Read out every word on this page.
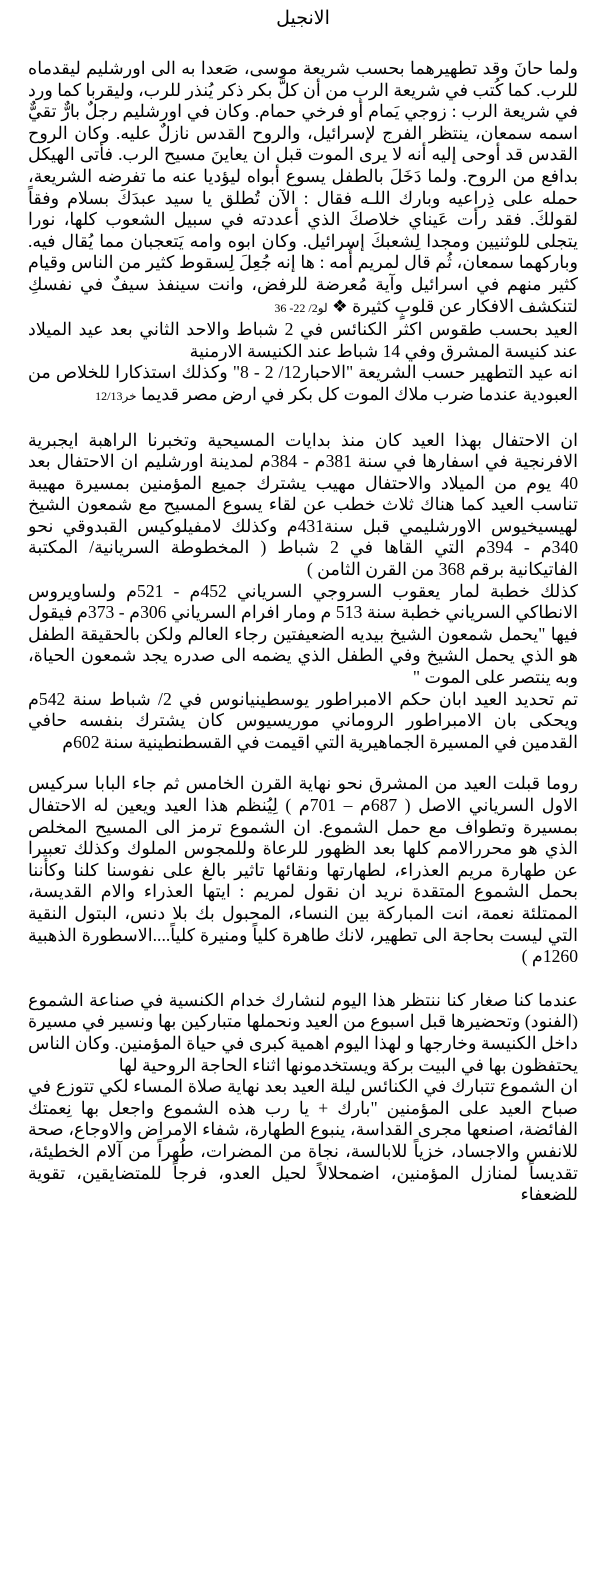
الانجيل

ولما حانَ وقد تطهيرهما بحسب شريعة موسى، صَعدا به الى اورشليم ليقدماه للرب. كما كُتب في شريعة الرب من أن كلَّ بكر ذكر يُنذر للرب، وليقربا كما ورد في شريعة الرب : زوجي يَمام أو فرخي حمام. وكان في اورشليم رجلٌ بارٌّ تقيٌّ اسمه سمعان، ينتظر الفرج لإسرائيل، والروح القدس نازلٌ عليه. وكان الروح القدس قد أوحى إليه أنه لا يرى الموت قبل ان يعاينَ مسيح الرب. فأتى الهيكل بدافع من الروح. ولما دَخَلَ بالطفل يسوع أبواه ليؤديا عنه ما تفرضه الشريعة، حمله على ذِراعيه وبارك اللـه فقال : الآن تُطلق يا سيد عبدَكَ بسلام وفقاً لقولكَ. فقد رأت عَيناي خلاصكَ الذي أعددته في سبيل الشعوب كلها، نورا يتجلى للوثنيين ومجدا لِشعبكَ إسرائيل. وكان ابوه وامه يَتعجبان مما يُقال فيه. وباركهما سمعان، ثُم قال لمريم أُمه : ها إنه جُعِلَ لِسقوط كثير من الناس وقيام كثير منهم في اسرائيل وآية مُعرضة للرفض، وانت سينفذ سيفٌ في نفسكِ لتنكشف الافكار عن قلوبٍ كثيرة ❖ لو2/ 22- 36

العيد بحسب طقوس اكثر الكنائس في 2 شباط والاحد الثاني بعد عيد الميلاد عند كنيسة المشرق وفي 14 شباط عند الكنيسة الارمنية

انه عيد التطهير حسب الشريعة "الاحبار12/ 2 - 8" وكذلك استذكارا للخلاص من العبودية عندما ضرب ملاك الموت كل بكر في ارض مصر قديما خر12/13

ان الاحتفال بهذا العيد كان منذ بدايات المسيحية وتخبرنا الراهبة ايجبرية الافرنجية في اسفارها في سنة 381م - 384م لمدينة اورشليم ان الاحتفال بعد 40 يوم من الميلاد والاحتفال مهيب يشترك جميع المؤمنين بمسيرة مهيبة تناسب العيد كما هناك ثلاث خطب عن لقاء يسوع المسيح مع شمعون الشيخ لهيسيخيوس الاورشليمي قبل سنة431م وكذلك لامفيلوكيس القبدوقي نحو 340م - 394م التي القاها في 2 شباط ( المخطوطة السريانية/ المكتبة الفاتيكانية برقم 368 من القرن الثامن )

كذلك خطبة لمار يعقوب السروجي السرياني 452م - 521م ولساويروس الانطاكي السرياني خطبة سنة 513 م ومار افرام السرياني 306م - 373م فيقول فيها "يحمل شمعون الشيخ بيديه الضعيفتين رجاء العالم ولكن بالحقيقة الطفل هو الذي يحمل الشيخ وفي الطفل الذي يضمه الى صدره يجد شمعون الحياة، وبه ينتصر على الموت "

تم تحديد العيد ابان حكم الامبراطور يوسطينيانوس في 2/ شباط سنة 542م ويحكى بان الامبراطور الروماني موريسيوس كان يشترك بنفسه حافي القدمين في المسيرة الجماهيرية التي اقيمت في القسطنطينية سنة 602م

روما قبلت العيد من المشرق نحو نهاية القرن الخامس ثم جاء البابا سركيس الاول السرياني الاصل ( 687م – 701م ) لِيُنظم هذا العيد ويعين له الاحتفال بمسيرة وتطواف مع حمل الشموع. ان الشموع ترمز الى المسيح المخلص الذي هو محررالامم كلها بعد الظهور للرعاة وللمجوس الملوك وكذلك تعبيرا عن طهارة مريم العذراء، لطهارتها ونقائها تاثير بالغ على نفوسنا كلنا وكأننا بحمل الشموع المتقدة نريد ان نقول لمريم : ايتها العذراء والام القديسة، الممتلئة نعمة، انت المباركة بين النساء، المحبول بك بلا دنس، البتول النقية التي ليست بحاجة الى تطهير، لانك طاهرة كلياً ومنيرة كلياً....الاسطورة الذهبية 1260م )

عندما كنا صغار كنا ننتظر هذا اليوم لنشارك خدام الكنسية في صناعة الشموع (الفنود) وتحضيرها قبل اسبوع من العيد ونحملها متباركين بها ونسير في مسيرة داخل الكنيسة وخارجها و لهذا اليوم اهمية كبرى في حياة المؤمنين. وكان الناس يحتفظون بها في البيت بركة ويستخدمونها اثناء الحاجة الروحية لها

ان الشموع تتبارك في الكنائس ليلة العيد بعد نهاية صلاة المساء لكي تتوزع في صباح العيد على المؤمنين "بارك + يا رب هذه الشموع واجعل بها نِعمتك الفائضة، اصنعها مجرى القداسة، ينبوع الطهارة، شفاء الامراض والاوجاع، صحة للانفس والاجساد، خزياً للابالسة، نجاة من المضرات، طُهراً من آلام الخطيئة، تقديساً لمنازل المؤمنين، اضمحلالاً لحيل العدو، فرجاً للمتضايقين، تقوية للضعفاء
